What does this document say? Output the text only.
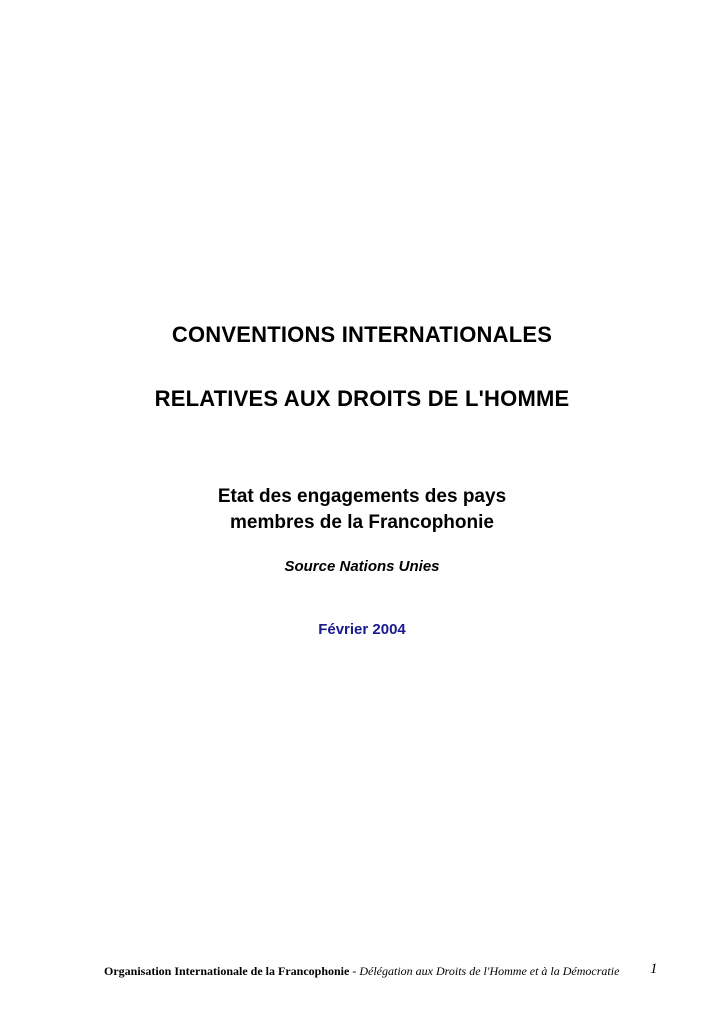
CONVENTIONS INTERNATIONALES
RELATIVES AUX DROITS DE L'HOMME
Etat des engagements des pays
membres de la Francophonie
Source Nations Unies
Février 2004
Organisation Internationale de la Francophonie - Délégation aux Droits de l'Homme et à la Démocratie	1
